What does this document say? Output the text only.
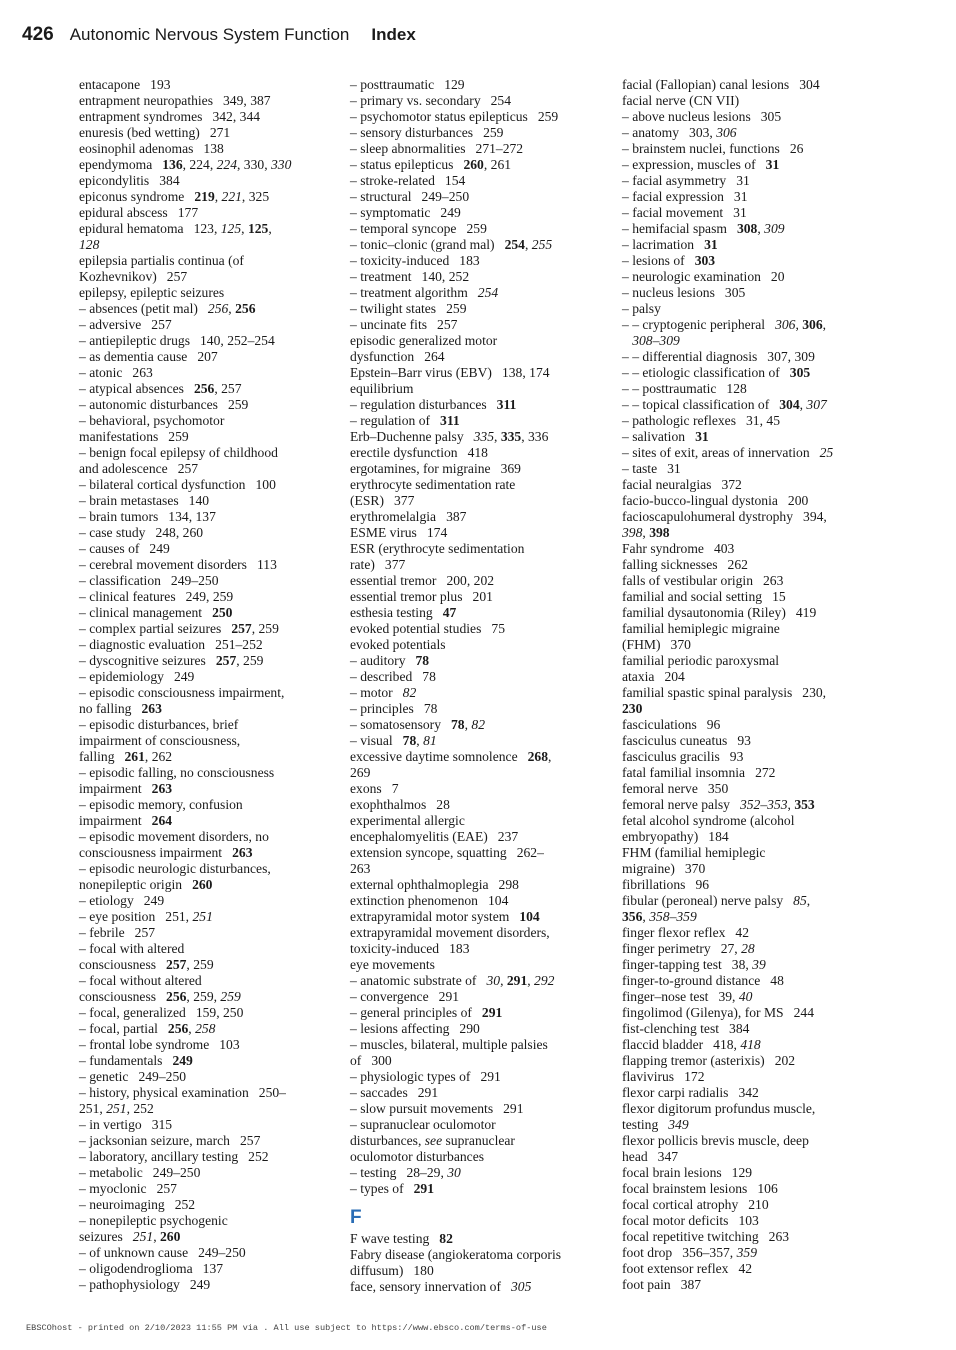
426 Autonomic Nervous System Function Index
entacapone 193
entrapment neuropathies 349, 387
entrapment syndromes 342, 344
enuresis (bed wetting) 271
eosinophil adenomas 138
ependymoma 136, 224, 224, 330, 330
epicondylitis 384
epiconus syndrome 219, 221, 325
epidural abscess 177
epidural hematoma 123, 125, 125,
128
epilepsia partialis continua (of
Kozhevnikov) 257
epilepsy, epileptic seizures
– absences (petit mal) 256, 256
– adversive 257
– antiepileptic drugs 140, 252–254
– as dementia cause 207
– atonic 263
– atypical absences 256, 257
– autonomic disturbances 259
– behavioral, psychomotor
manifestations 259
– benign focal epilepsy of childhood
and adolescence 257
– bilateral cortical dysfunction 100
– brain metastases 140
– brain tumors 134, 137
– case study 248, 260
– causes of 249
– cerebral movement disorders 113
– classification 249–250
– clinical features 249, 259
– clinical management 250
– complex partial seizures 257, 259
– diagnostic evaluation 251–252
– dyscognitive seizures 257, 259
– epidemiology 249
– episodic consciousness impairment,
no falling 263
– episodic disturbances, brief
impairment of consciousness,
falling 261, 262
– episodic falling, no consciousness
impairment 263
– episodic memory, confusion
impairment 264
– episodic movement disorders, no
consciousness impairment 263
– episodic neurologic disturbances,
nonepileptic origin 260
– etiology 249
– eye position 251, 251
– febrile 257
– focal with altered
consciousness 257, 259
– focal without altered
consciousness 256, 259, 259
– focal, generalized 159, 250
– focal, partial 256, 258
– frontal lobe syndrome 103
– fundamentals 249
– genetic 249–250
– history, physical examination 250–
251, 251, 252
– in vertigo 315
– jacksonian seizure, march 257
– laboratory, ancillary testing 252
– metabolic 249–250
– myoclonic 257
– neuroimaging 252
– nonepileptic psychogenic
seizures 251, 260
– of unknown cause 249–250
– oligodendroglioma 137
– pathophysiology 249
– posttraumatic 129
– primary vs. secondary 254
– psychomotor status epilepticus 259
– sensory disturbances 259
– sleep abnormalities 271–272
– status epilepticus 260, 261
– stroke-related 154
– structural 249–250
– symptomatic 249
– temporal syncope 259
– tonic–clonic (grand mal) 254, 255
– toxicity-induced 183
– treatment 140, 252
– treatment algorithm 254
– twilight states 259
– uncinate fits 257
episodic generalized motor
dysfunction 264
Epstein–Barr virus (EBV) 138, 174
equilibrium
– regulation disturbances 311
– regulation of 311
Erb–Duchenne palsy 335, 335, 336
erectile dysfunction 418
ergotamines, for migraine 369
erythrocyte sedimentation rate
(ESR) 377
erythromelalgia 387
ESME virus 174
ESR (erythrocyte sedimentation
rate) 377
essential tremor 200, 202
essential tremor plus 201
esthesia testing 47
evoked potential studies 75
evoked potentials
– auditory 78
– described 78
– motor 82
– principles 78
– somatosensory 78, 82
– visual 78, 81
excessive daytime somnolence 268,
269
exons 7
exophthalmos 28
experimental allergic
encephalomyelitis (EAE) 237
extension syncope, squatting 262–
263
external ophthalmoplegia 298
extinction phenomenon 104
extrapyramidal motor system 104
extrapyramidal movement disorders,
toxicity-induced 183
eye movements
– anatomic substrate of 30, 291, 292
– convergence 291
– general principles of 291
– lesions affecting 290
– muscles, bilateral, multiple palsies
of 300
– physiologic types of 291
– saccades 291
– slow pursuit movements 291
– supranuclear oculomotor
disturbances, see supranuclear
oculomotor disturbances
– testing 28–29, 30
– types of 291
F
F wave testing 82
Fabry disease (angiokeratoma corporis
diffusum) 180
face, sensory innervation of 305
facial (Fallopian) canal lesions 304
facial nerve (CN VII)
– above nucleus lesions 305
– anatomy 303, 306
– brainstem nuclei, functions 26
– expression, muscles of 31
– facial asymmetry 31
– facial expression 31
– facial movement 31
– hemifacial spasm 308, 309
– lacrimation 31
– lesions of 303
– neurologic examination 20
– nucleus lesions 305
– palsy
– – cryptogenic peripheral 306, 306,
308–309
– – differential diagnosis 307, 309
– – etiologic classification of 305
– – posttraumatic 128
– – topical classification of 304, 307
– pathologic reflexes 31, 45
– salivation 31
– sites of exit, areas of innervation 25
– taste 31
facial neuralgias 372
facio-bucco-lingual dystonia 200
facioscapulohumeral dystrophy 394,
398, 398
Fahr syndrome 403
falling sicknesses 262
falls of vestibular origin 263
familial and social setting 15
familial dysautonomia (Riley) 419
familial hemiplegic migraine
(FHM) 370
familial periodic paroxysmal
ataxia 204
familial spastic spinal paralysis 230,
230
fasciculations 96
fasciculus cuneatus 93
fasciculus gracilis 93
fatal familial insomnia 272
femoral nerve 350
femoral nerve palsy 352–353, 353
fetal alcohol syndrome (alcohol
embryopathy) 184
FHM (familial hemiplegic
migraine) 370
fibrillations 96
fibular (peroneal) nerve palsy 85,
356, 358–359
finger flexor reflex 42
finger perimetry 27, 28
finger-tapping test 38, 39
finger-to-ground distance 48
finger–nose test 39, 40
fingolimod (Gilenya), for MS 244
fist-clenching test 384
flaccid bladder 418, 418
flapping tremor (asterixis) 202
flavivirus 172
flexor carpi radialis 342
flexor digitorum profundus muscle,
testing 349
flexor pollicis brevis muscle, deep
head 347
focal brain lesions 129
focal brainstem lesions 106
focal cortical atrophy 210
focal motor deficits 103
focal repetitive twitching 263
foot drop 356–357, 359
foot extensor reflex 42
foot pain 387
EBSCOhost - printed on 2/10/2023 11:55 PM via . All use subject to https://www.ebsco.com/terms-of-use
